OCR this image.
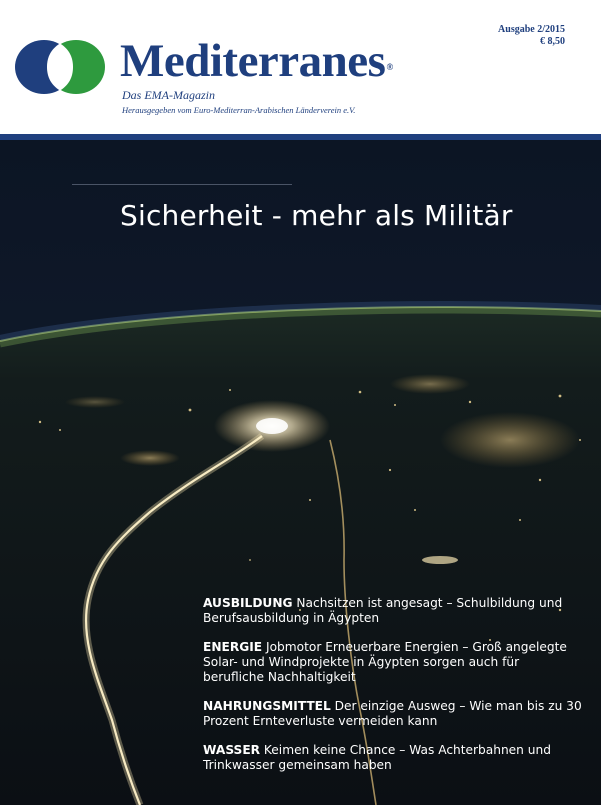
Mediterranes®
Das EMA-Magazin
Herausgegeben vom Euro-Mediterran-Arabischen Länderverein e.V.
Ausgabe 2/2015
€ 8,50
Sicherheit - mehr als Militär
AUSBILDUNG Nachsitzen ist angesagt – Schulbildung und Berufsausbildung in Ägypten
ENERGIE Jobmotor Erneuerbare Energien – Groß angelegte Solar- und Windprojekte in Ägypten sorgen auch für berufliche Nachhaltigkeit
NAHRUNGSMITTEL Der einzige Ausweg – Wie man bis zu 30 Prozent Ernteverluste vermeiden kann
WASSER Keimen keine Chance – Was Achterbahnen und Trinkwasser gemeinsam haben
